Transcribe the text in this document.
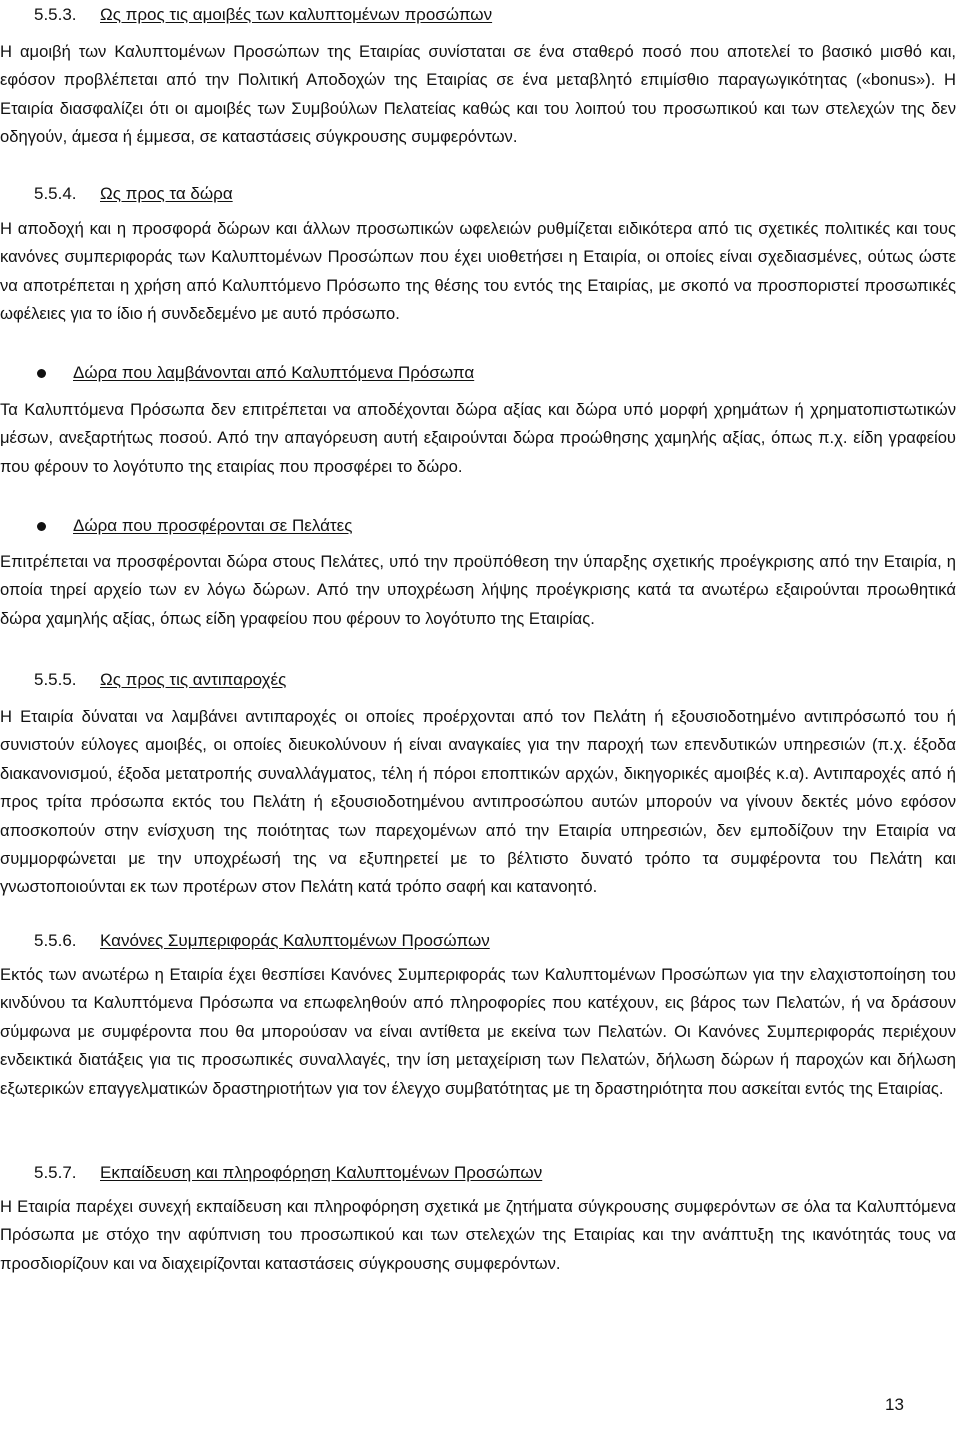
5.5.3.	Ως προς τις αμοιβές των καλυπτομένων προσώπων

Η αμοιβή των Καλυπτομένων Προσώπων της Εταιρίας συνίσταται σε ένα σταθερό ποσό που αποτελεί το βασικό μισθό και, εφόσον προβλέπεται από την Πολιτική Αποδοχών της Εταιρίας σε ένα μεταβλητό επιμίσθιο παραγωγικότητας («bonus»). Η Εταιρία διασφαλίζει ότι οι αμοιβές των Συμβούλων Πελατείας καθώς και του λοιπού του προσωπικού και των στελεχών της δεν οδηγούν, άμεσα ή έμμεσα, σε καταστάσεις σύγκρουσης συμφερόντων.

5.5.4.	Ως προς τα δώρα

Η αποδοχή και η προσφορά δώρων και άλλων προσωπικών ωφελειών ρυθμίζεται ειδικότερα από τις σχετικές πολιτικές και τους κανόνες συμπεριφοράς των Καλυπτομένων Προσώπων που έχει υιοθετήσει η Εταιρία, οι οποίες είναι σχεδιασμένες, ούτως ώστε να αποτρέπεται η χρήση από Καλυπτόμενο Πρόσωπο της θέσης του εντός της Εταιρίας, με σκοπό να προσποριστεί προσωπικές ωφέλειες για το ίδιο ή συνδεδεμένο με αυτό πρόσωπο.

Δώρα που λαμβάνονται από Καλυπτόμενα Πρόσωπα

Τα Καλυπτόμενα Πρόσωπα δεν επιτρέπεται να αποδέχονται δώρα αξίας και δώρα υπό μορφή χρημάτων ή χρηματοπιστωτικών μέσων, ανεξαρτήτως ποσού. Από την απαγόρευση αυτή εξαιρούνται δώρα προώθησης χαμηλής αξίας, όπως π.χ. είδη γραφείου που φέρουν το λογότυπο της εταιρίας που προσφέρει το δώρο.

Δώρα που προσφέρονται σε Πελάτες

Επιτρέπεται να προσφέρονται δώρα στους Πελάτες, υπό την προϋπόθεση την ύπαρξης σχετικής προέγκρισης από την Εταιρία, η οποία τηρεί αρχείο των εν λόγω δώρων. Από την υποχρέωση λήψης προέγκρισης κατά τα ανωτέρω εξαιρούνται προωθητικά δώρα χαμηλής αξίας, όπως είδη γραφείου που φέρουν το λογότυπο της Εταιρίας.

5.5.5.	Ως προς τις αντιπαροχές

Η Εταιρία δύναται να λαμβάνει αντιπαροχές οι οποίες προέρχονται από τον Πελάτη ή εξουσιοδοτημένο αντιπρόσωπό του ή συνιστούν εύλογες αμοιβές, οι οποίες διευκολύνουν ή είναι αναγκαίες για την παροχή των επενδυτικών υπηρεσιών (π.χ. έξοδα διακανονισμού, έξοδα μετατροπής συναλλάγματος, τέλη ή πόροι εποπτικών αρχών, δικηγορικές αμοιβές κ.α). Αντιπαροχές από ή προς τρίτα πρόσωπα εκτός του Πελάτη ή εξουσιοδοτημένου αντιπροσώπου αυτών μπορούν να γίνουν δεκτές μόνο εφόσον αποσκοπούν στην ενίσχυση της ποιότητας των παρεχομένων από την Εταιρία υπηρεσιών, δεν εμποδίζουν την Εταιρία να συμμορφώνεται με την υποχρέωσή της να εξυπηρετεί με το βέλτιστο δυνατό τρόπο τα συμφέροντα του Πελάτη και γνωστοποιούνται εκ των προτέρων στον Πελάτη κατά τρόπο σαφή και κατανοητό.

5.5.6.	Κανόνες Συμπεριφοράς Καλυπτομένων Προσώπων

Εκτός των ανωτέρω η Εταιρία έχει θεσπίσει Κανόνες Συμπεριφοράς των Καλυπτομένων Προσώπων για την ελαχιστοποίηση του κινδύνου τα Καλυπτόμενα Πρόσωπα να επωφεληθούν από πληροφορίες που κατέχουν, εις βάρος των Πελατών, ή να δράσουν σύμφωνα με συμφέροντα που θα μπορούσαν να είναι αντίθετα με εκείνα των Πελατών. Οι Κανόνες Συμπεριφοράς περιέχουν ενδεικτικά διατάξεις για τις προσωπικές συναλλαγές, την ίση μεταχείριση των Πελατών, δήλωση δώρων ή παροχών και δήλωση εξωτερικών επαγγελματικών δραστηριοτήτων για τον έλεγχο συμβατότητας με τη δραστηριότητα που ασκείται εντός της Εταιρίας.

5.5.7.	Εκπαίδευση και πληροφόρηση Καλυπτομένων Προσώπων

Η Εταιρία παρέχει συνεχή εκπαίδευση και πληροφόρηση σχετικά με ζητήματα σύγκρουσης συμφερόντων σε όλα τα Καλυπτόμενα Πρόσωπα με στόχο την αφύπνιση του προσωπικού και των στελεχών της Εταιρίας και την ανάπτυξη της ικανότητάς τους να προσδιορίζουν και να διαχειρίζονται καταστάσεις σύγκρουσης συμφερόντων.

13
